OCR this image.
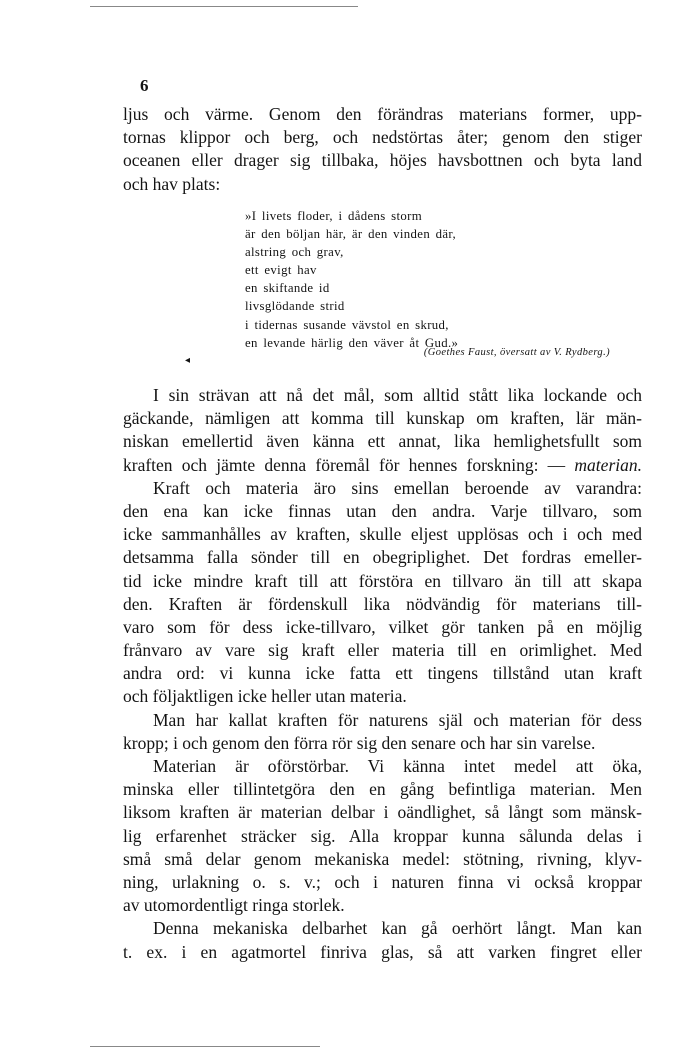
6
ljus och värme. Genom den förändras materians former, upp-
tornas klippor och berg, och nedstörtas åter; genom den stiger
oceanen eller drager sig tillbaka, höjes havsbottnen och byta land
och hav plats:
»I livets floder, i dådens storm
är den böljan här, är den vinden där,
alstring och grav,
ett evigt hav
en skiftande id
livsglödande strid
i tidernas susande vävstol en skrud,
en levande härlig den väver åt Gud.»
(Goethes Faust, översatt av V. Rydberg.)
◂
I sin strävan att nå det mål, som alltid stått lika lockande och
gäckande, nämligen att komma till kunskap om kraften, lär män-
niskan emellertid även känna ett annat, lika hemlighetsfullt som
kraften och jämte denna föremål för hennes forskning: — materian.
Kraft och materia äro sins emellan beroende av varandra:
den ena kan icke finnas utan den andra. Varje tillvaro, som
icke sammanhålles av kraften, skulle eljest upplösas och i och med
detsamma falla sönder till en obegriplighet. Det fordras emeller-
tid icke mindre kraft till att förstöra en tillvaro än till att skapa
den. Kraften är fördenskull lika nödvändig för materians till-
varo som för dess icke-tillvaro, vilket gör tanken på en möjlig
frånvaro av vare sig kraft eller materia till en orimlighet. Med
andra ord: vi kunna icke fatta ett tingens tillstånd utan kraft
och följaktligen icke heller utan materia.
Man har kallat kraften för naturens själ och materian för dess
kropp; i och genom den förra rör sig den senare och har sin varelse.
Materian är oförstörbar. Vi känna intet medel att öka,
minska eller tillintetgöra den en gång befintliga materian. Men
liksom kraften är materian delbar i oändlighet, så långt som mänsk-
lig erfarenhet sträcker sig. Alla kroppar kunna sålunda delas i
små små delar genom mekaniska medel: stötning, rivning, klyv-
ning, urlakning o. s. v.; och i naturen finna vi också kroppar
av utomordentligt ringa storlek.
Denna mekaniska delbarhet kan gå oerhört långt. Man kan
t. ex. i en agatmortel finriva glas, så att varken fingret eller
